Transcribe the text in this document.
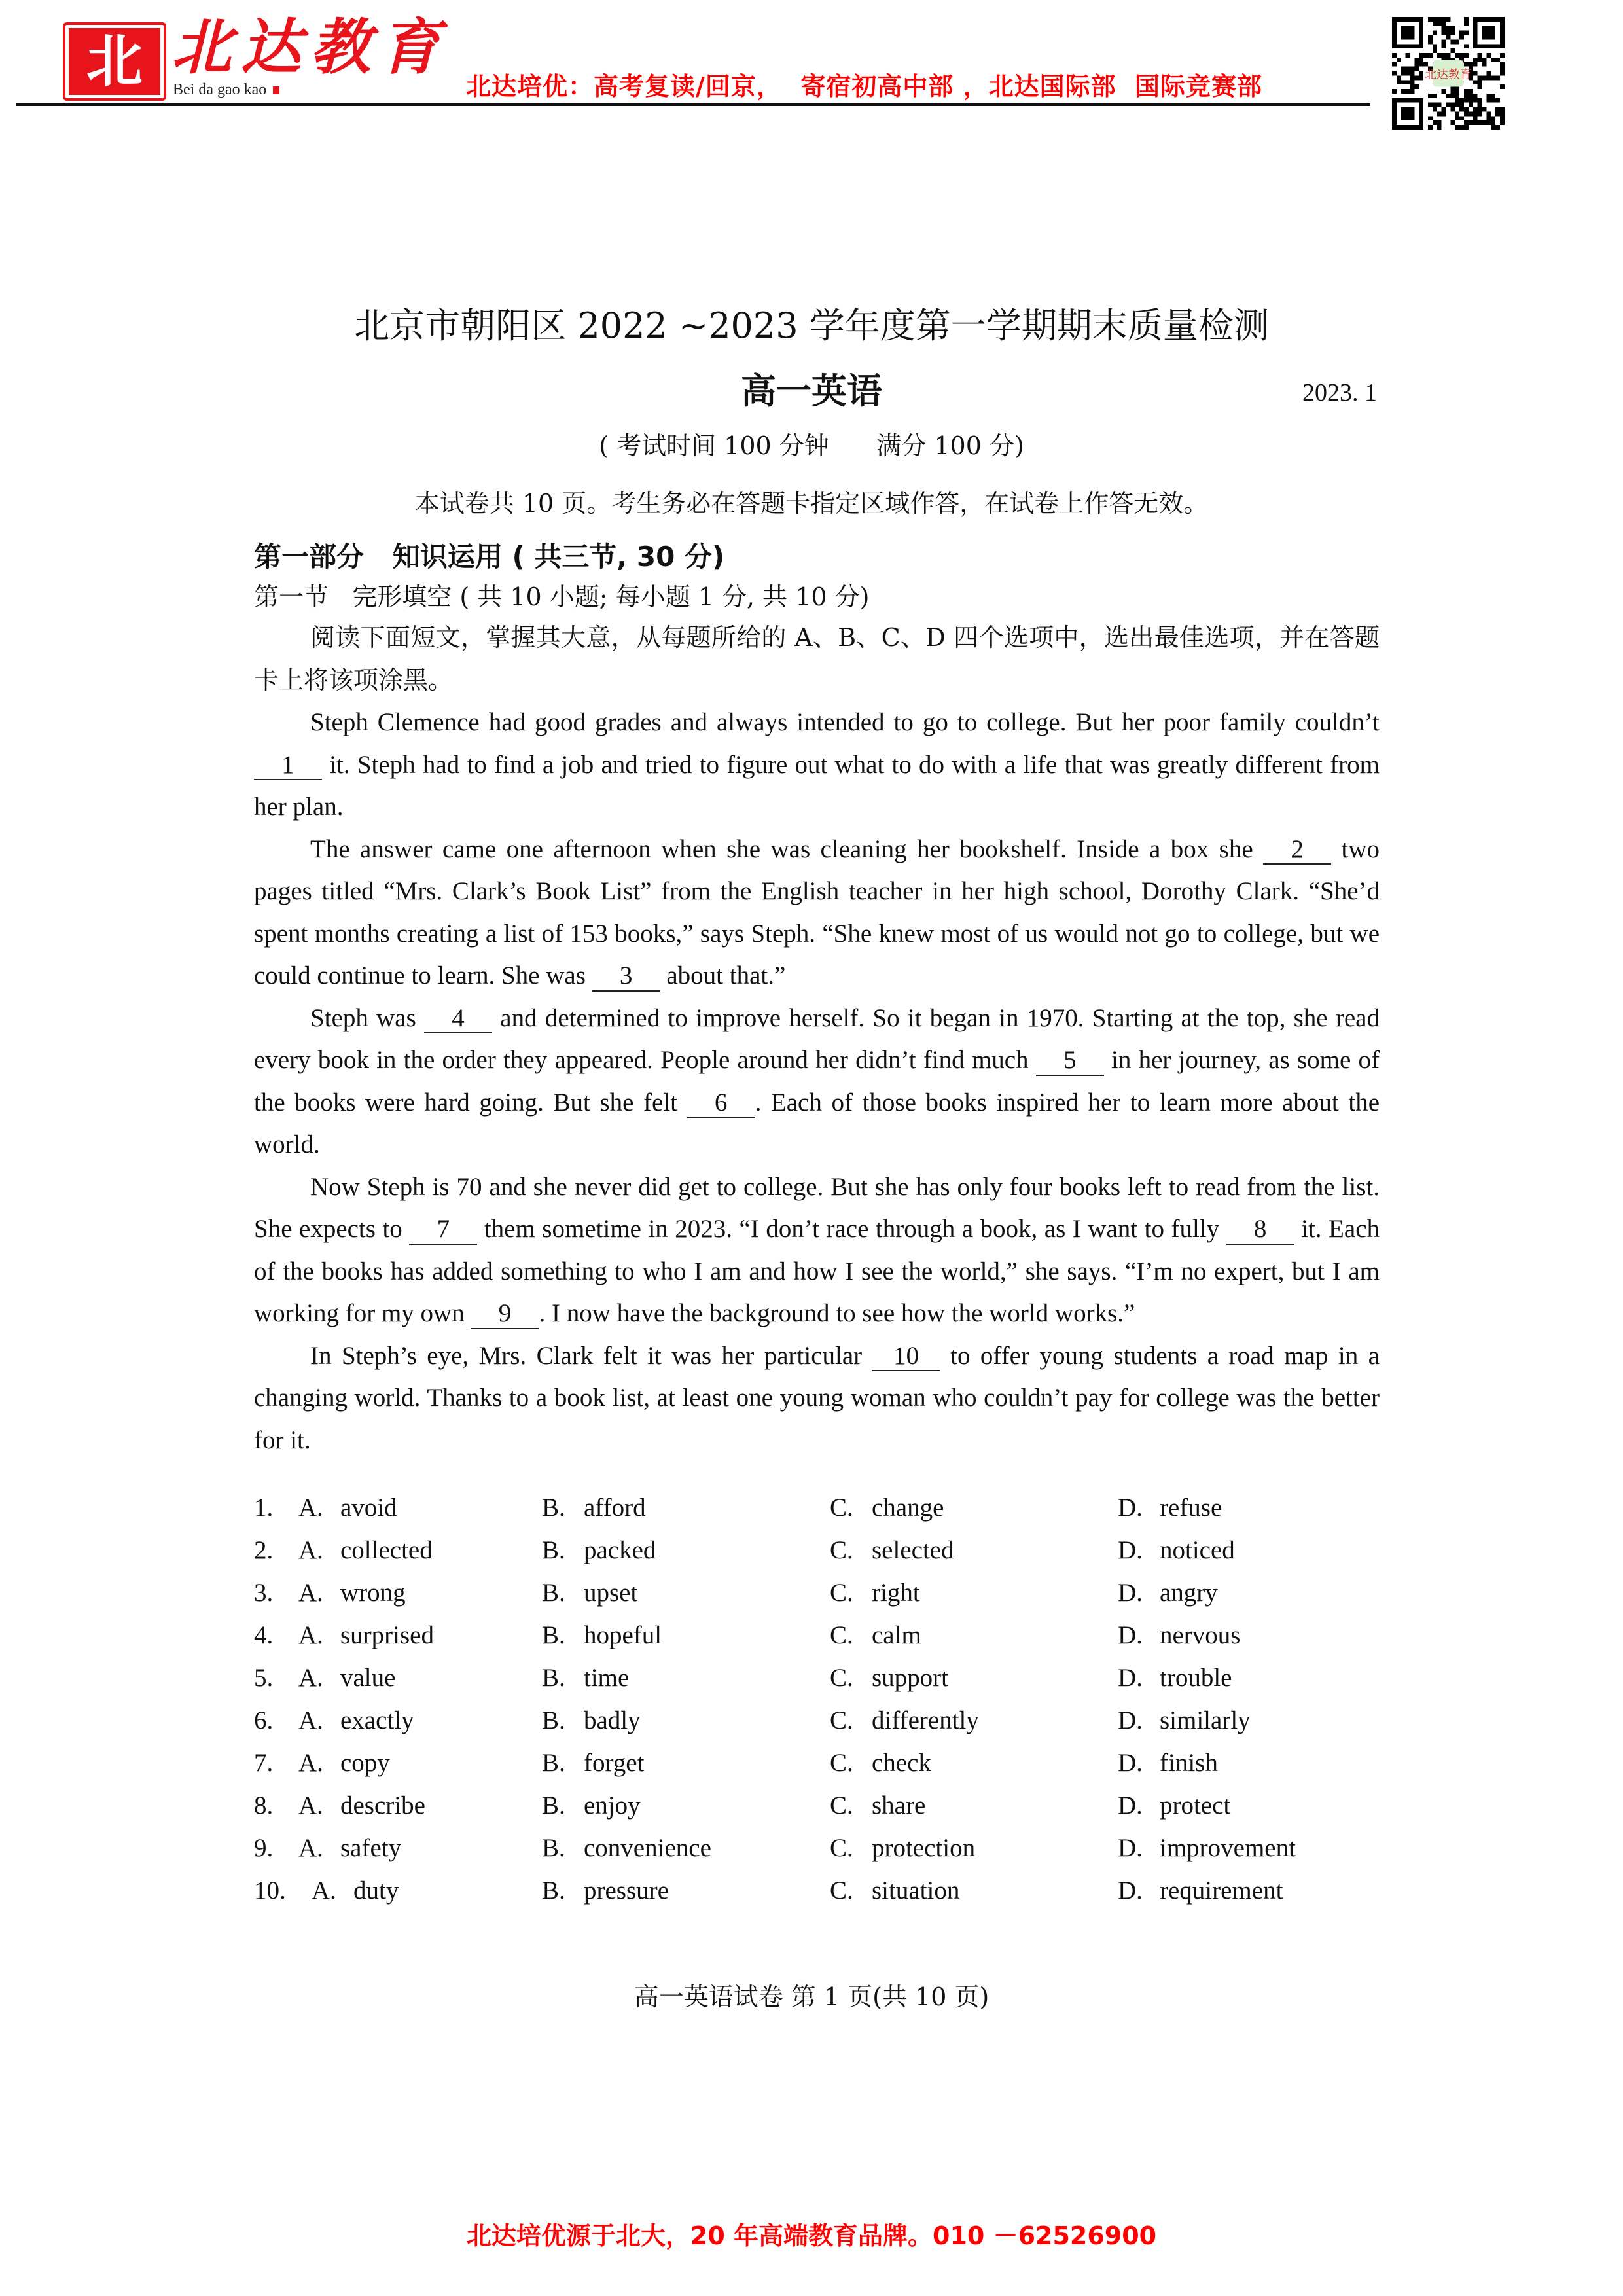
北 北达教育
Bei da gao kao	北达培优：高考复读/回京，  寄宿初高中部 ，北达国际部  国际竞赛部	北达教育
北京市朝阳区 2022 ~2023 学年度第一学期期末质量检测
高一英语	2023. 1
( 考试时间 100 分钟      满分 100 分)
本试卷共 10 页。考生务必在答题卡指定区域作答，在试卷上作答无效。
第一部分   知识运用 ( 共三节, 30 分)
第一节   完形填空 ( 共 10 小题; 每小题 1 分, 共 10 分)
阅读下面短文，掌握其大意，从每题所给的 A、B、C、D 四个选项中，选出最佳选项，并在答题卡上将该项涂黑。

Steph Clemence had good grades and always intended to go to college. But her poor family couldn’t 1 it. Steph had to find a job and tried to figure out what to do with a life that was greatly different from her plan.

The answer came one afternoon when she was cleaning her bookshelf. Inside a box she 2 two pages titled “Mrs. Clark’s Book List” from the English teacher in her high school, Dorothy Clark. “She’d spent months creating a list of 153 books,” says Steph. “She knew most of us would not go to college, but we could continue to learn. She was 3 about that.”

Steph was 4 and determined to improve herself. So it began in 1970. Starting at the top, she read every book in the order they appeared. People around her didn’t find much 5 in her journey, as some of the books were hard going. But she felt 6 . Each of those books inspired her to learn more about the world.

Now Steph is 70 and she never did get to college. But she has only four books left to read from the list. She expects to 7 them sometime in 2023. “I don’t race through a book, as I want to fully 8 it. Each of the books has added something to who I am and how I see the world,” she says. “I’m no expert, but I am working for my own 9 . I now have the background to see how the world works.”

In Steph’s eye, Mrs. Clark felt it was her particular 10 to offer young students a road map in a changing world. Thanks to a book list, at least one young woman who couldn’t pay for college was the better for it.

1. A. avoid	B. afford	C. change	D. refuse
2. A. collected	B. packed	C. selected	D. noticed
3. A. wrong	B. upset	C. right	D. angry
4. A. surprised	B. hopeful	C. calm	D. nervous
5. A. value	B. time	C. support	D. trouble
6. A. exactly	B. badly	C. differently	D. similarly
7. A. copy	B. forget	C. check	D. finish
8. A. describe	B. enjoy	C. share	D. protect
9. A. safety	B. convenience	C. protection	D. improvement
10. A. duty	B. pressure	C. situation	D. requirement
高一英语试卷 第 1 页(共 10 页)
北达培优源于北大，20 年高端教育品牌。010 －62526900
